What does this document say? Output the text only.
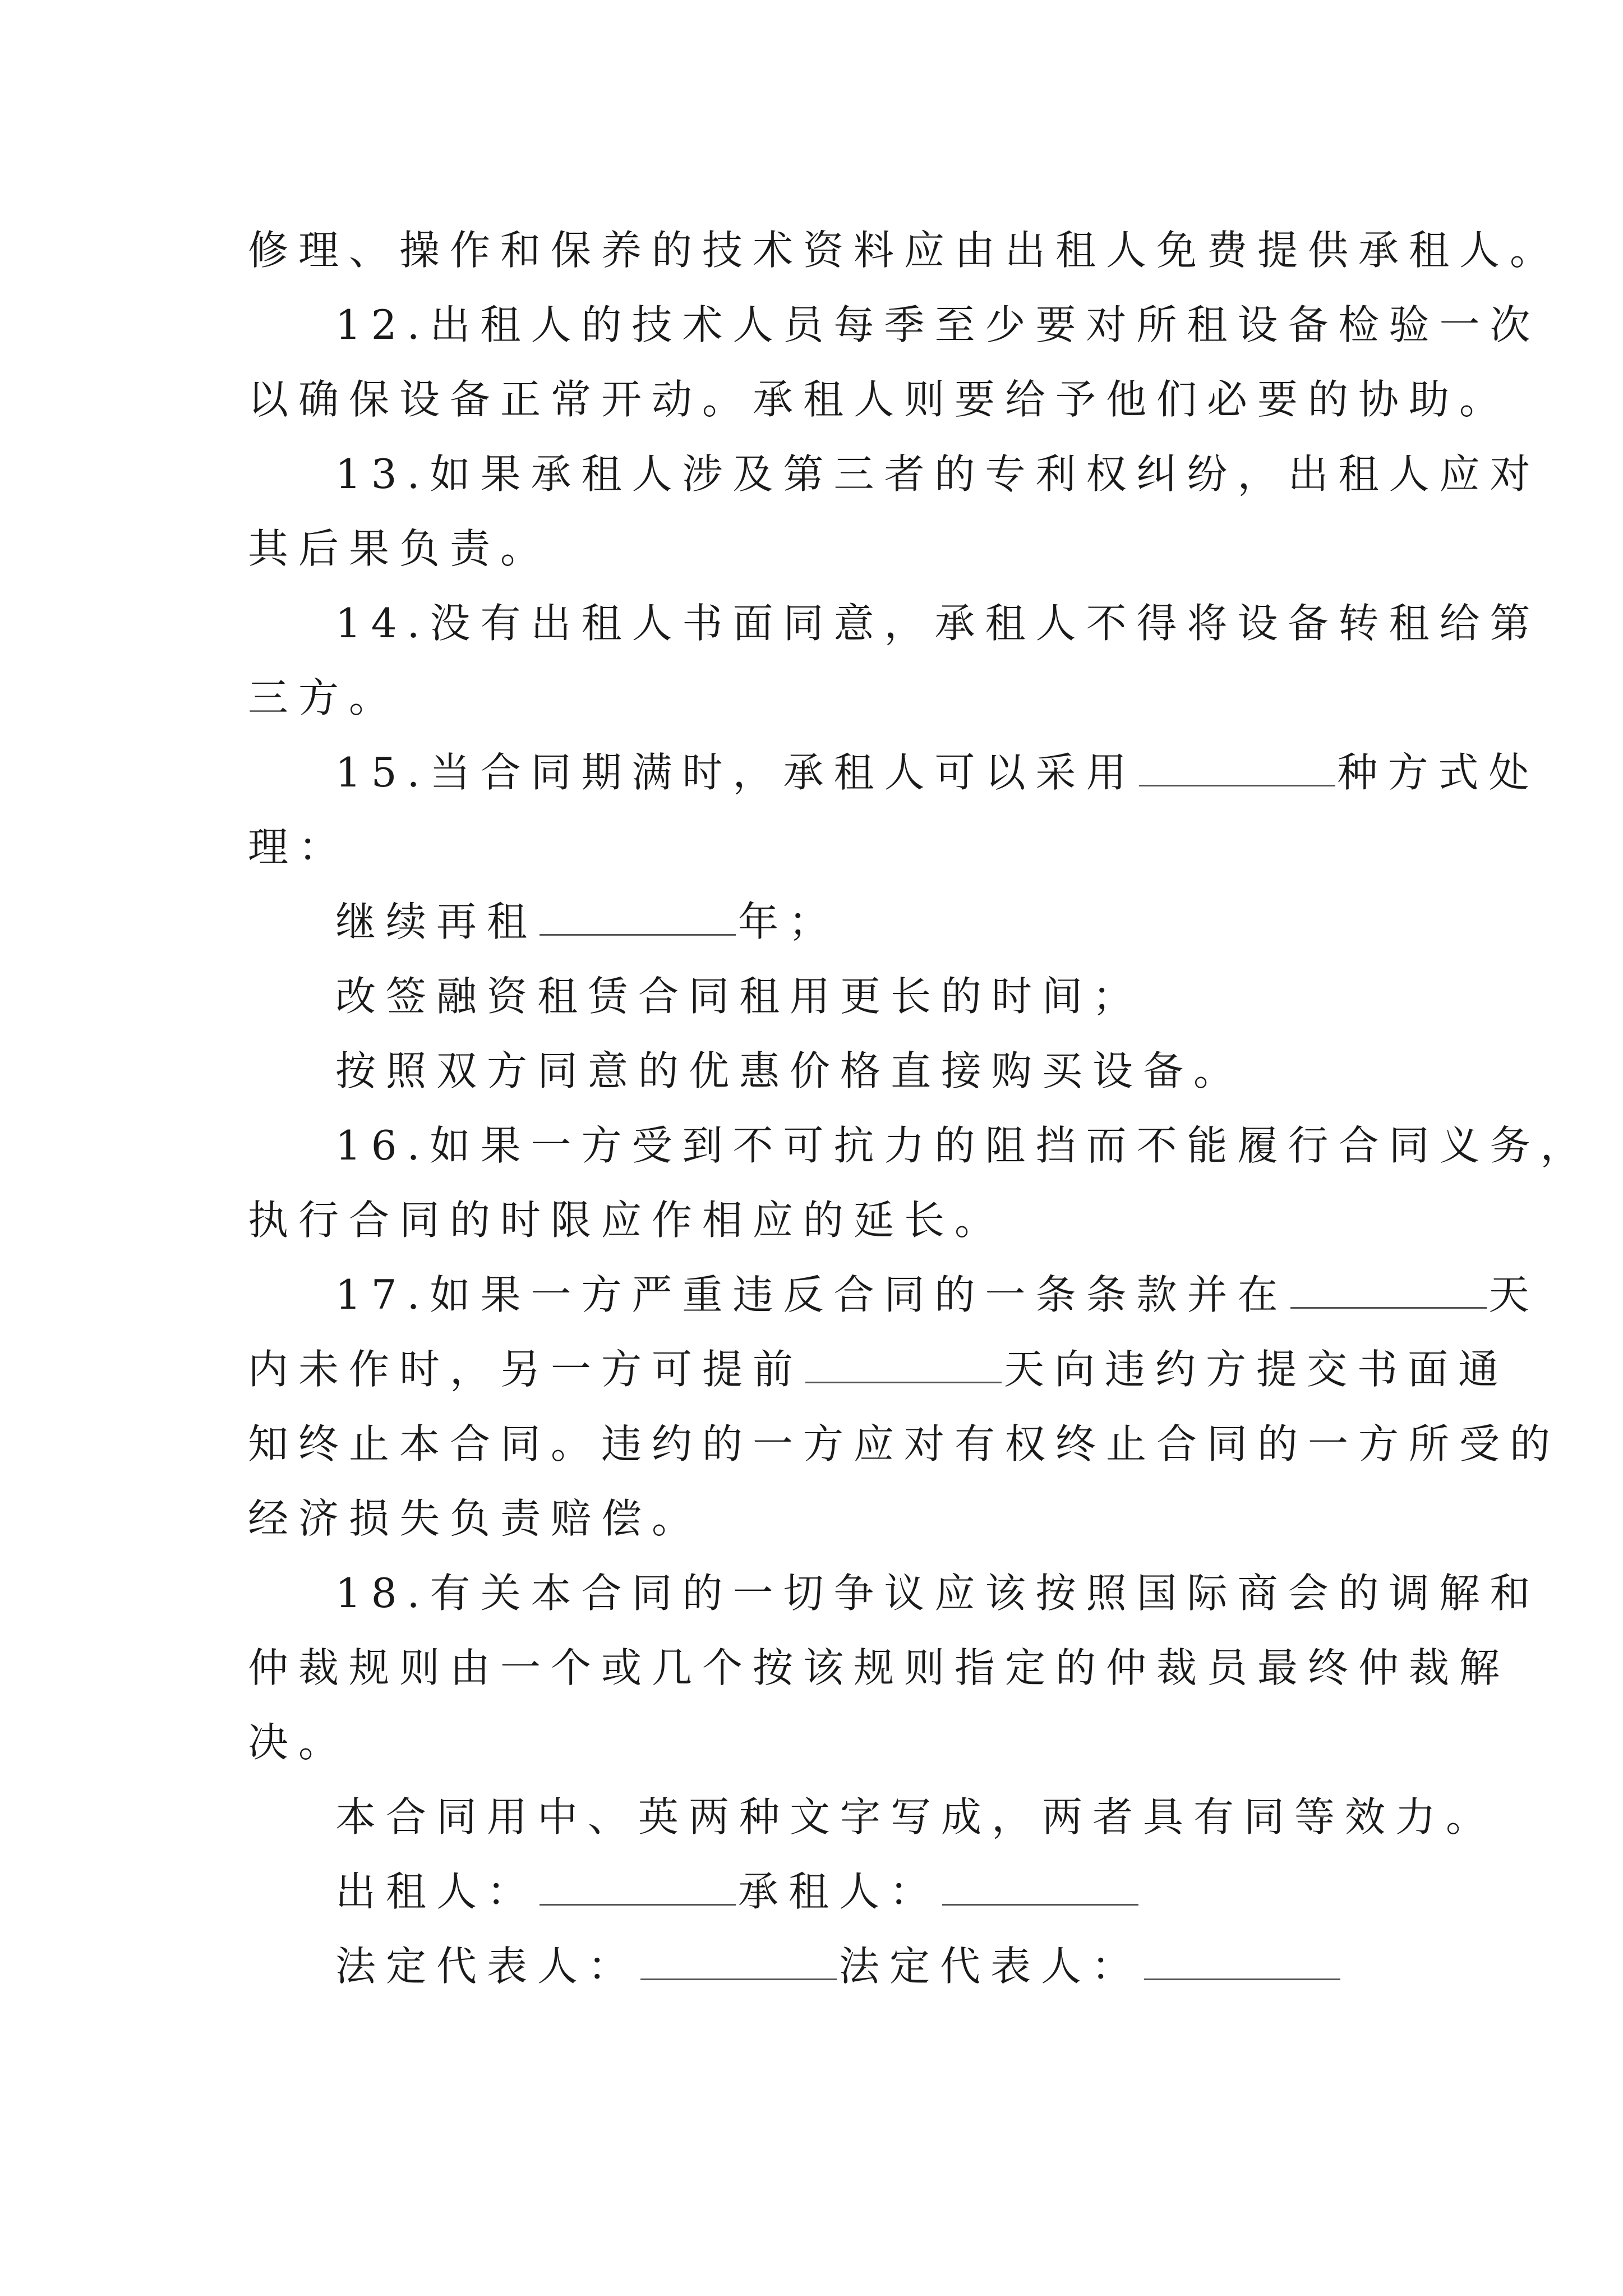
修理、操作和保养的技术资料应由出租人免费提供承租人。
12.出租人的技术人员每季至少要对所租设备检验一次
以确保设备正常开动。承租人则要给予他们必要的协助。
13.如果承租人涉及第三者的专利权纠纷，出租人应对
其后果负责。
14.没有出租人书面同意，承租人不得将设备转租给第
三方。
15.当合同期满时，承租人可以采用	种方式处
理：
继续再租	年；
改签融资租赁合同租用更长的时间；
按照双方同意的优惠价格直接购买设备。
16.如果一方受到不可抗力的阻挡而不能履行合同义务，
执行合同的时限应作相应的延长。
17.如果一方严重违反合同的一条条款并在	天
内未作时，另一方可提前	天向违约方提交书面通
知终止本合同。违约的一方应对有权终止合同的一方所受的
经济损失负责赔偿。
18.有关本合同的一切争议应该按照国际商会的调解和
仲裁规则由一个或几个按该规则指定的仲裁员最终仲裁解
决。
本合同用中、英两种文字写成，两者具有同等效力。
出租人：	承租人：
法定代表人：	法定代表人：
